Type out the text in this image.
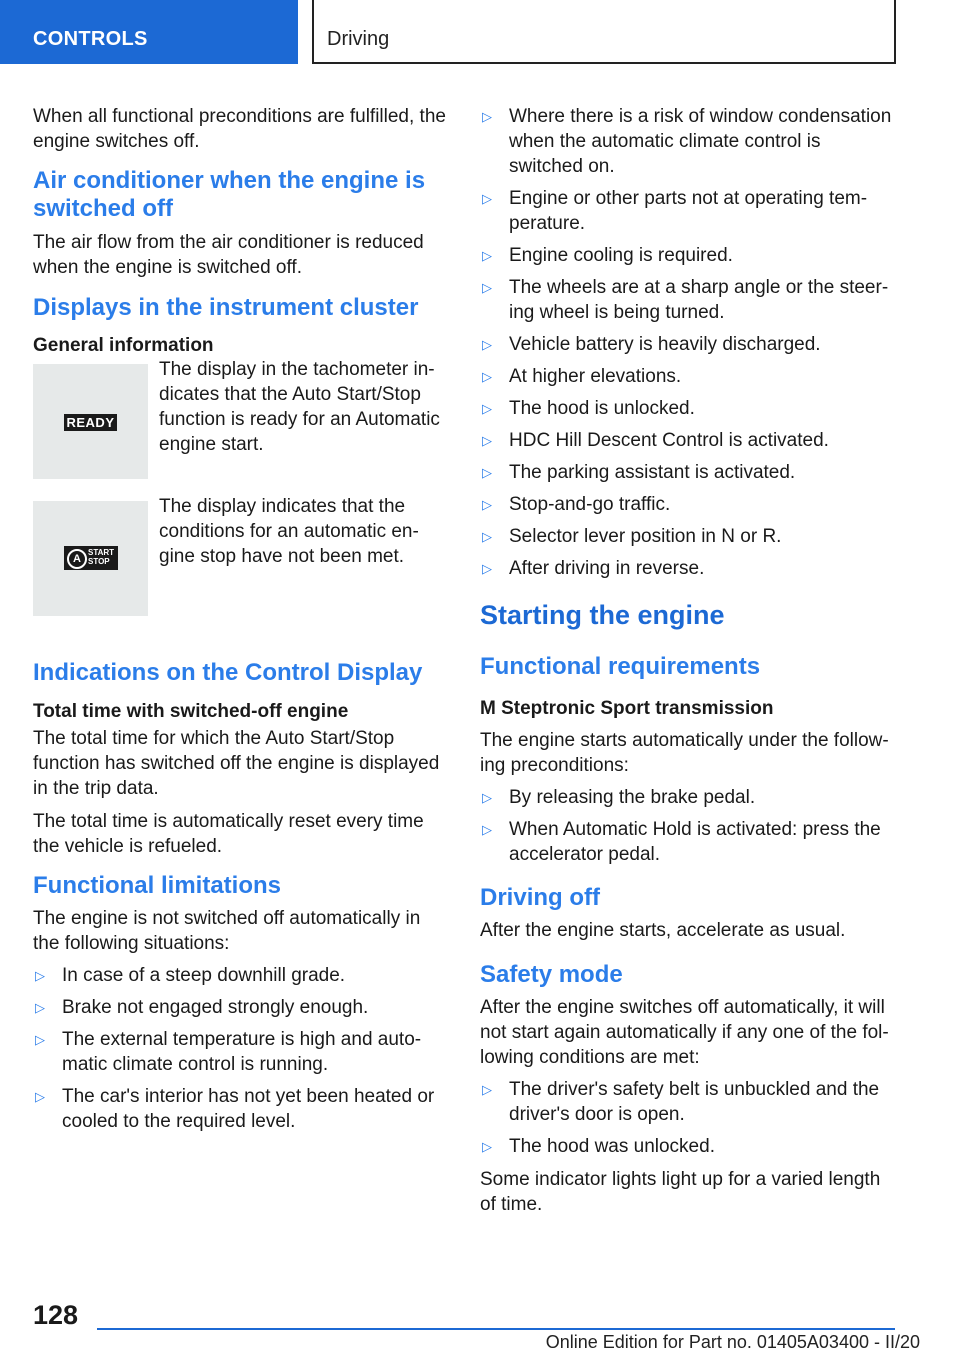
CONTROLS	Driving

When all functional preconditions are fulfilled, the engine switches off.

Air conditioner when the engine is switched off

The air flow from the air conditioner is reduced when the engine is switched off.

Displays in the instrument cluster
General information
READY

The display in the tachometer in-dicates that the Auto Start/Stop function is ready for an Automatic engine start.

A
START
STOP

The display indicates that the conditions for an automatic en-gine stop have not been met.

Indications on the Control Display
Total time with switched-off engine

The total time for which the Auto Start/Stop function has switched off the engine is displayed in the trip data.

The total time is automatically reset every time the vehicle is refueled.

Functional limitations

The engine is not switched off automatically in the following situations:

▷ In case of a steep downhill grade.
▷ Brake not engaged strongly enough.
▷ The external temperature is high and auto-matic climate control is running.
▷ The car's interior has not yet been heated or cooled to the required level.
▷ Where there is a risk of window condensation when the automatic climate control is switched on.
▷ Engine or other parts not at operating tem-perature.
▷ Engine cooling is required.
▷ The wheels are at a sharp angle or the steer-ing wheel is being turned.
▷ Vehicle battery is heavily discharged.
▷ At higher elevations.
▷ The hood is unlocked.
▷ HDC Hill Descent Control is activated.
▷ The parking assistant is activated.
▷ Stop-and-go traffic.
▷ Selector lever position in N or R.
▷ After driving in reverse.
Starting the engine
Functional requirements
M Steptronic Sport transmission

The engine starts automatically under the follow-ing preconditions:

▷ By releasing the brake pedal.
▷ When Automatic Hold is activated: press the accelerator pedal.
Driving off

After the engine starts, accelerate as usual.

Safety mode

After the engine switches off automatically, it will not start again automatically if any one of the fol-lowing conditions are met:

▷ The driver's safety belt is unbuckled and the driver's door is open.
▷ The hood was unlocked.

Some indicator lights light up for a varied length of time.

128
Online Edition for Part no. 01405A03400 - II/20
